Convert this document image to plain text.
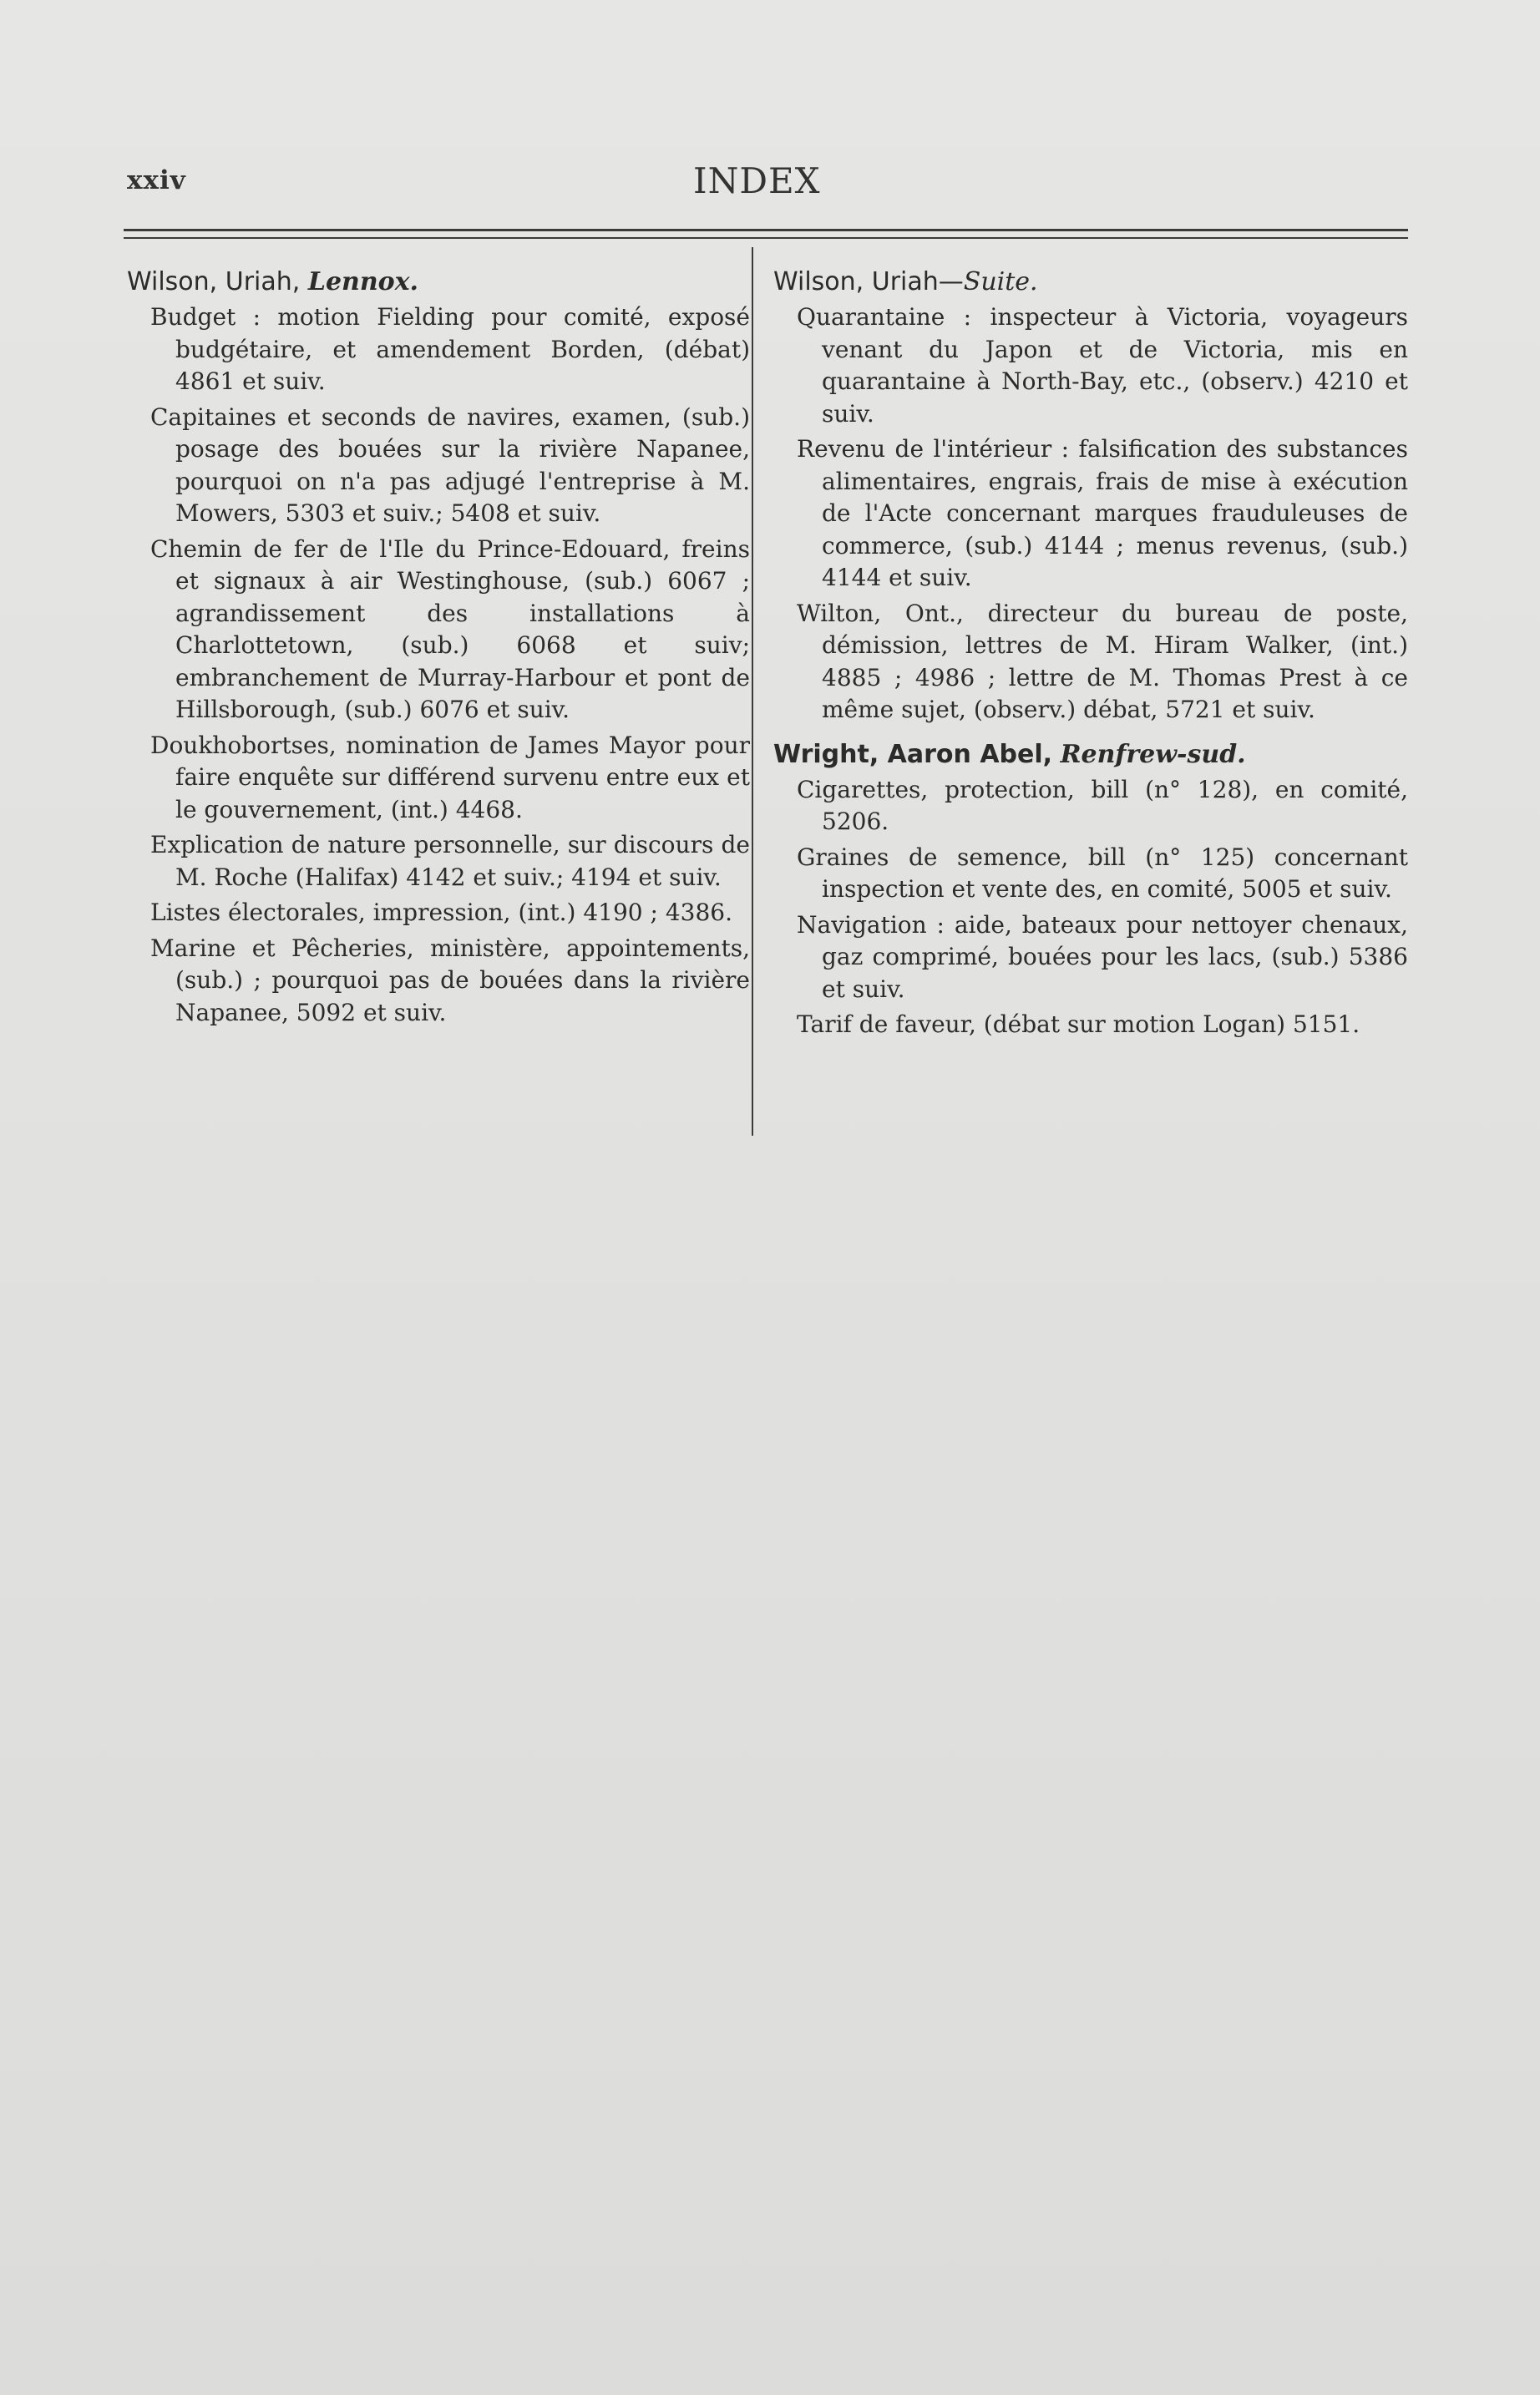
xxiv	INDEX
Wilson, Uriah, Lennox.

Budget : motion Fielding pour comité, exposé budgétaire, et amendement Borden, (débat) 4861 et suiv.

Capitaines et seconds de navires, examen, (sub.) posage des bouées sur la rivière Napanee, pourquoi on n'a pas adjugé l'entreprise à M. Mowers, 5303 et suiv.; 5408 et suiv.

Chemin de fer de l'Ile du Prince-Edouard, freins et signaux à air Westinghouse, (sub.) 6067 ; agrandissement des installations à Charlottetown, (sub.) 6068 et suiv; embranchement de Murray-Harbour et pont de Hillsborough, (sub.) 6076 et suiv.

Doukhobortses, nomination de James Mayor pour faire enquête sur différend survenu entre eux et le gouvernement, (int.) 4468.

Explication de nature personnelle, sur discours de M. Roche (Halifax) 4142 et suiv.; 4194 et suiv.

Listes électorales, impression, (int.) 4190 ; 4386.

Marine et Pêcheries, ministère, appointements, (sub.) ; pourquoi pas de bouées dans la rivière Napanee, 5092 et suiv.

Wilson, Uriah—Suite.

Quarantaine : inspecteur à Victoria, voyageurs venant du Japon et de Victoria, mis en quarantaine à North-Bay, etc., (observ.) 4210 et suiv.

Revenu de l'intérieur : falsification des substances alimentaires, engrais, frais de mise à exécution de l'Acte concernant marques frauduleuses de commerce, (sub.) 4144 ; menus revenus, (sub.) 4144 et suiv.

Wilton, Ont., directeur du bureau de poste, démission, lettres de M. Hiram Walker, (int.) 4885 ; 4986 ; lettre de M. Thomas Prest à ce même sujet, (observ.) débat, 5721 et suiv.

Wright, Aaron Abel, Renfrew-sud.

Cigarettes, protection, bill (n° 128), en comité, 5206.

Graines de semence, bill (n° 125) concernant inspection et vente des, en comité, 5005 et suiv.

Navigation : aide, bateaux pour nettoyer chenaux, gaz comprimé, bouées pour les lacs, (sub.) 5386 et suiv.

Tarif de faveur, (débat sur motion Logan) 5151.
